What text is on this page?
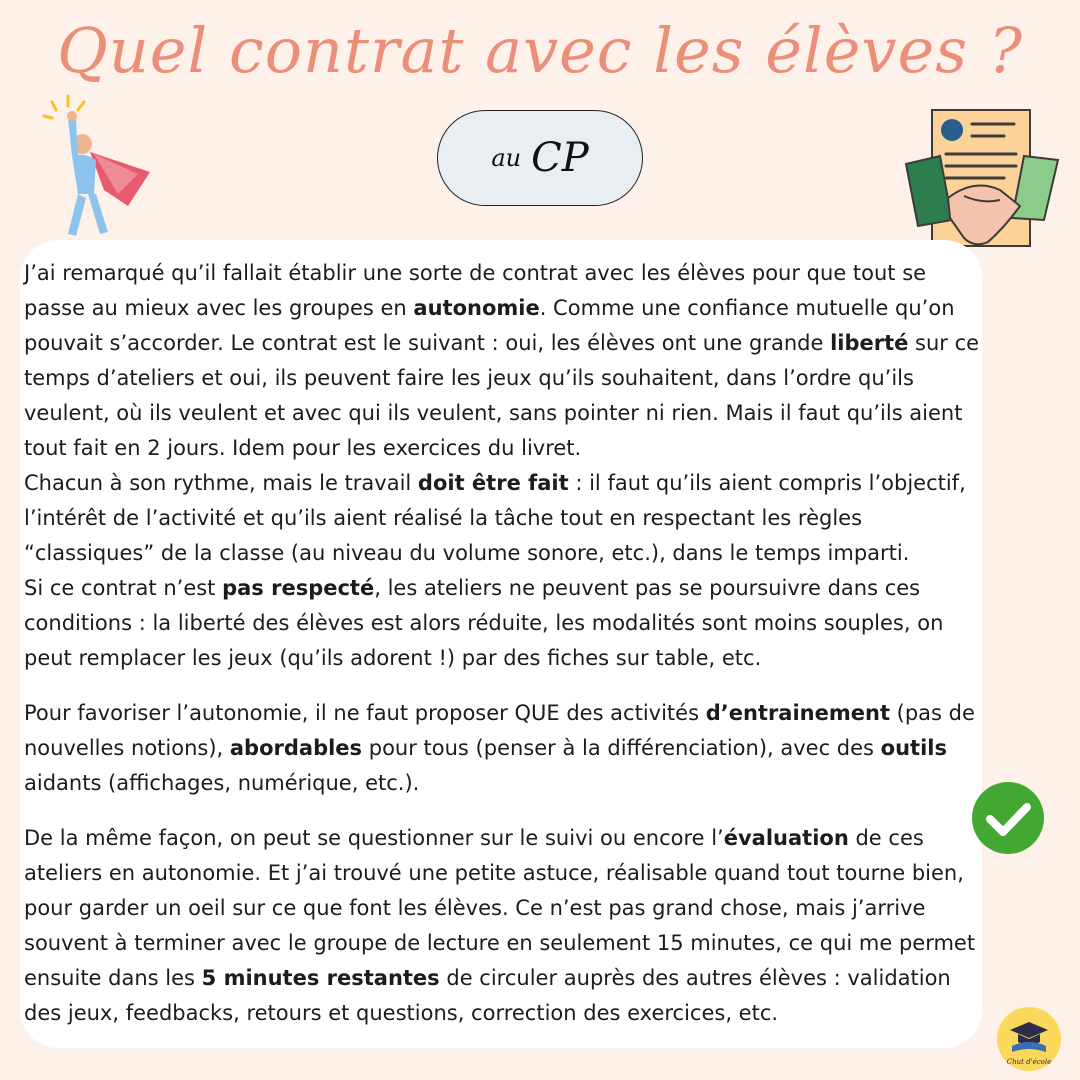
Quel contrat avec les élèves ?
au CP

J’ai remarqué qu’il fallait établir une sorte de contrat avec les élèves pour que tout se passe au mieux avec les groupes en autonomie. Comme une confiance mutuelle qu’on pouvait s’accorder. Le contrat est le suivant : oui, les élèves ont une grande liberté sur ce temps d’ateliers et oui, ils peuvent faire les jeux qu’ils souhaitent, dans l’ordre qu’ils veulent, où ils veulent et avec qui ils veulent, sans pointer ni rien. Mais il faut qu’ils aient tout fait en 2 jours. Idem pour les exercices du livret.
Chacun à son rythme, mais le travail doit être fait : il faut qu’ils aient compris l’objectif, l’intérêt de l’activité et qu’ils aient réalisé la tâche tout en respectant les règles “classiques” de la classe (au niveau du volume sonore, etc.), dans le temps imparti.
Si ce contrat n’est pas respecté, les ateliers ne peuvent pas se poursuivre dans ces conditions : la liberté des élèves est alors réduite, les modalités sont moins souples, on peut remplacer les jeux (qu’ils adorent !) par des fiches sur table, etc.

Pour favoriser l’autonomie, il ne faut proposer QUE des activités d’entrainement (pas de nouvelles notions), abordables pour tous (penser à la différenciation), avec des outils aidants (affichages, numérique, etc.).

De la même façon, on peut se questionner sur le suivi ou encore l’évaluation de ces ateliers en autonomie. Et j’ai trouvé une petite astuce, réalisable quand tout tourne bien, pour garder un oeil sur ce que font les élèves. Ce n’est pas grand chose, mais j’arrive souvent à terminer avec le groupe de lecture en seulement 15 minutes, ce qui me permet ensuite dans les 5 minutes restantes de circuler auprès des autres élèves : validation des jeux, feedbacks, retours et questions, correction des exercices, etc.

Chut d'école
